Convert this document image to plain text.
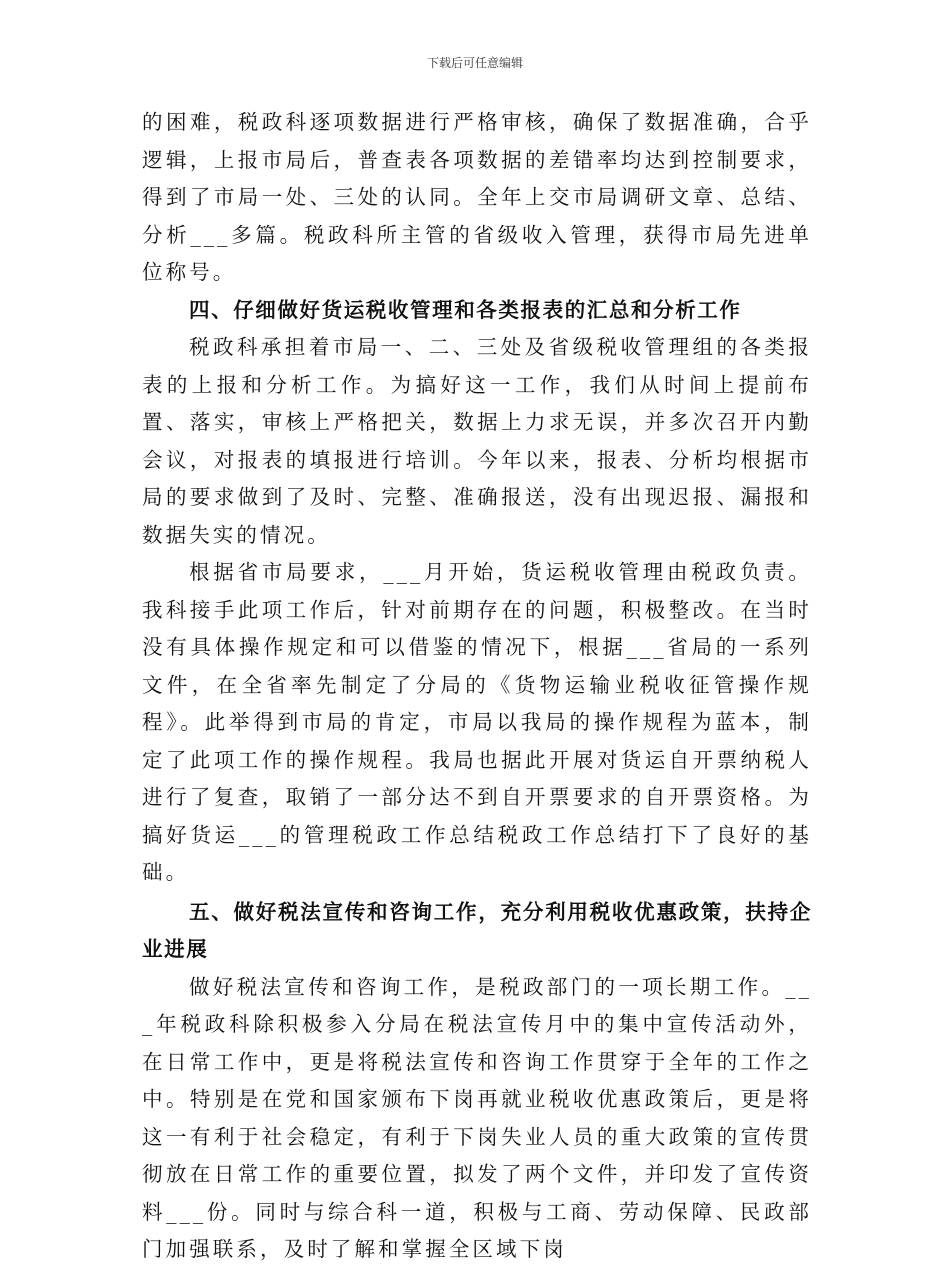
下载后可任意编辑

的困难，税政科逐项数据进行严格审核，确保了数据准确，合乎逻辑，上报市局后，普查表各项数据的差错率均达到控制要求，得到了市局一处、三处的认同。全年上交市局调研文章、总结、分析___多篇。税政科所主管的省级收入管理，获得市局先进单位称号。

四、仔细做好货运税收管理和各类报表的汇总和分析工作

税政科承担着市局一、二、三处及省级税收管理组的各类报表的上报和分析工作。为搞好这一工作，我们从时间上提前布置、落实，审核上严格把关，数据上力求无误，并多次召开内勤会议，对报表的填报进行培训。今年以来，报表、分析均根据市局的要求做到了及时、完整、准确报送，没有出现迟报、漏报和数据失实的情况。

根据省市局要求，___月开始，货运税收管理由税政负责。我科接手此项工作后，针对前期存在的问题，积极整改。在当时没有具体操作规定和可以借鉴的情况下，根据___省局的一系列文件，在全省率先制定了分局的《货物运输业税收征管操作规程》。此举得到市局的肯定，市局以我局的操作规程为蓝本，制定了此项工作的操作规程。我局也据此开展对货运自开票纳税人进行了复查，取销了一部分达不到自开票要求的自开票资格。为搞好货运___的管理税政工作总结税政工作总结打下了良好的基础。

五、做好税法宣传和咨询工作，充分利用税收优惠政策，扶持企业进展

做好税法宣传和咨询工作，是税政部门的一项长期工作。___年税政科除积极参入分局在税法宣传月中的集中宣传活动外，在日常工作中，更是将税法宣传和咨询工作贯穿于全年的工作之中。特别是在党和国家颁布下岗再就业税收优惠政策后，更是将这一有利于社会稳定，有利于下岗失业人员的重大政策的宣传贯彻放在日常工作的重要位置，拟发了两个文件，并印发了宣传资料___份。同时与综合科一道，积极与工商、劳动保障、民政部门加强联系，及时了解和掌握全区域下岗
